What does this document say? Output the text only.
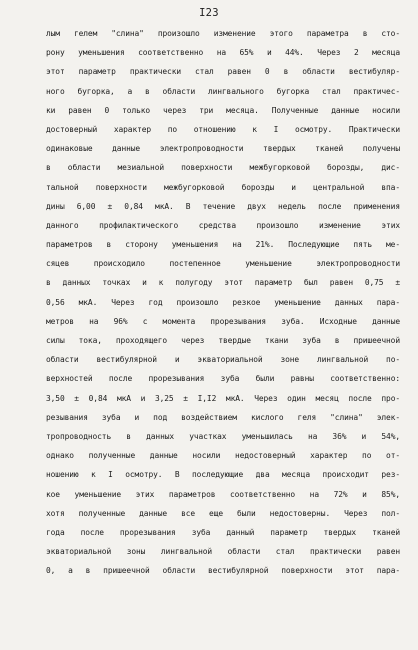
I23
лым гелем "слина" произошло изменение этого параметра в сто-
рону уменьшения соответственно на 65% и 44%. Через 2 месяца
этот параметр практически стал равен 0 в области вестибуляр-
ного бугорка, а в области лингвального бугорка стал практичес-
ки равен 0 только через три месяца. Полученные данные носили
достоверный характер по отношению к I осмотру. Практически
одинаковые данные электропроводности твердых тканей получены
в области мезиальной поверхности межбугорковой борозды, дис-
тальной поверхности межбугорковой борозды и центральной впа-
дины 6,00 ± 0,84 мкА. В течение двух недель после применения
данного профилактического средства произошло изменение этих
параметров в сторону уменьшения на 21%. Последующие пять ме-
сяцев происходило постепенное уменьшение электропроводности
в данных точках и к полугоду этот параметр был равен 0,75 ±
0,56 мкА. Через год произошло резкое уменьшение данных пара-
метров на 96% с момента прорезывания зуба. Исходные данные
силы тока, проходящего через твердые ткани зуба в пришеечной
области вестибулярной и экваториальной зоне лингвальной по-
верхностей после прорезывания зуба были равны соответственно:
3,50 ± 0,84 мкА и 3,25 ± I,I2 мкА. Через один месяц после про-
резывания зуба и под воздействием кислого геля "слина" элек-
тропроводность в данных участках уменьшилась на 36% и 54%,
однако полученные данные носили недостоверный характер по от-
ношению к I осмотру. В последующие два месяца происходит рез-
кое уменьшение этих параметров соответственно на 72% и 85%,
хотя полученные данные все еще были недостоверны. Через пол-
года после прорезывания зуба данный параметр твердых тканей
экваториальной зоны лингвальной области стал практически равен
0, а в пришеечной области вестибулярной поверхности этот пара-
